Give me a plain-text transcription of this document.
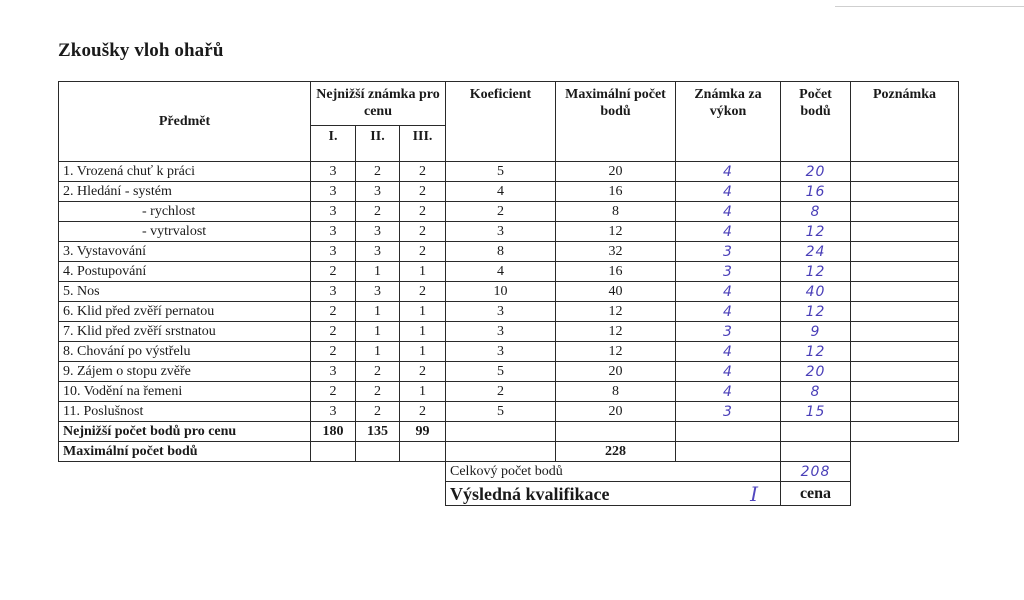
Zkoušky vloh ohařů
Předmět	Nejnižší známka pro cenu			Koeficient	Maximální počet bodů	Známka za výkon	Počet bodů	Poznámka
	I.	II.	III.					
1. Vrozená chuť k práci	3	2	2	5	20	4	20	
2. Hledání - systém	3	3	2	4	16	4	16	
- rychlost	3	2	2	2	8	4	8	
- vytrvalost	3	3	2	3	12	4	12	
3. Vystavování	3	3	2	8	32	3	24	
4. Postupování	2	1	1	4	16	3	12	
5. Nos	3	3	2	10	40	4	40	
6. Klid před zvěří pernatou	2	1	1	3	12	4	12	
7. Klid před zvěří srstnatou	2	1	1	3	12	3	9	
8. Chování po výstřelu	2	1	1	3	12	4	12	
9. Zájem o stopu zvěře	3	2	2	5	20	4	20	
10. Vodění na řemeni	2	2	1	2	8	4	8	
11. Poslušnost	3	2	2	5	20	3	15	
Nejnižší počet bodů pro cenu	180	135	99					
Maximální počet bodů					228			
				Celkový počet bodů			208	
				Výsledná kvalifikace		I	cena	
